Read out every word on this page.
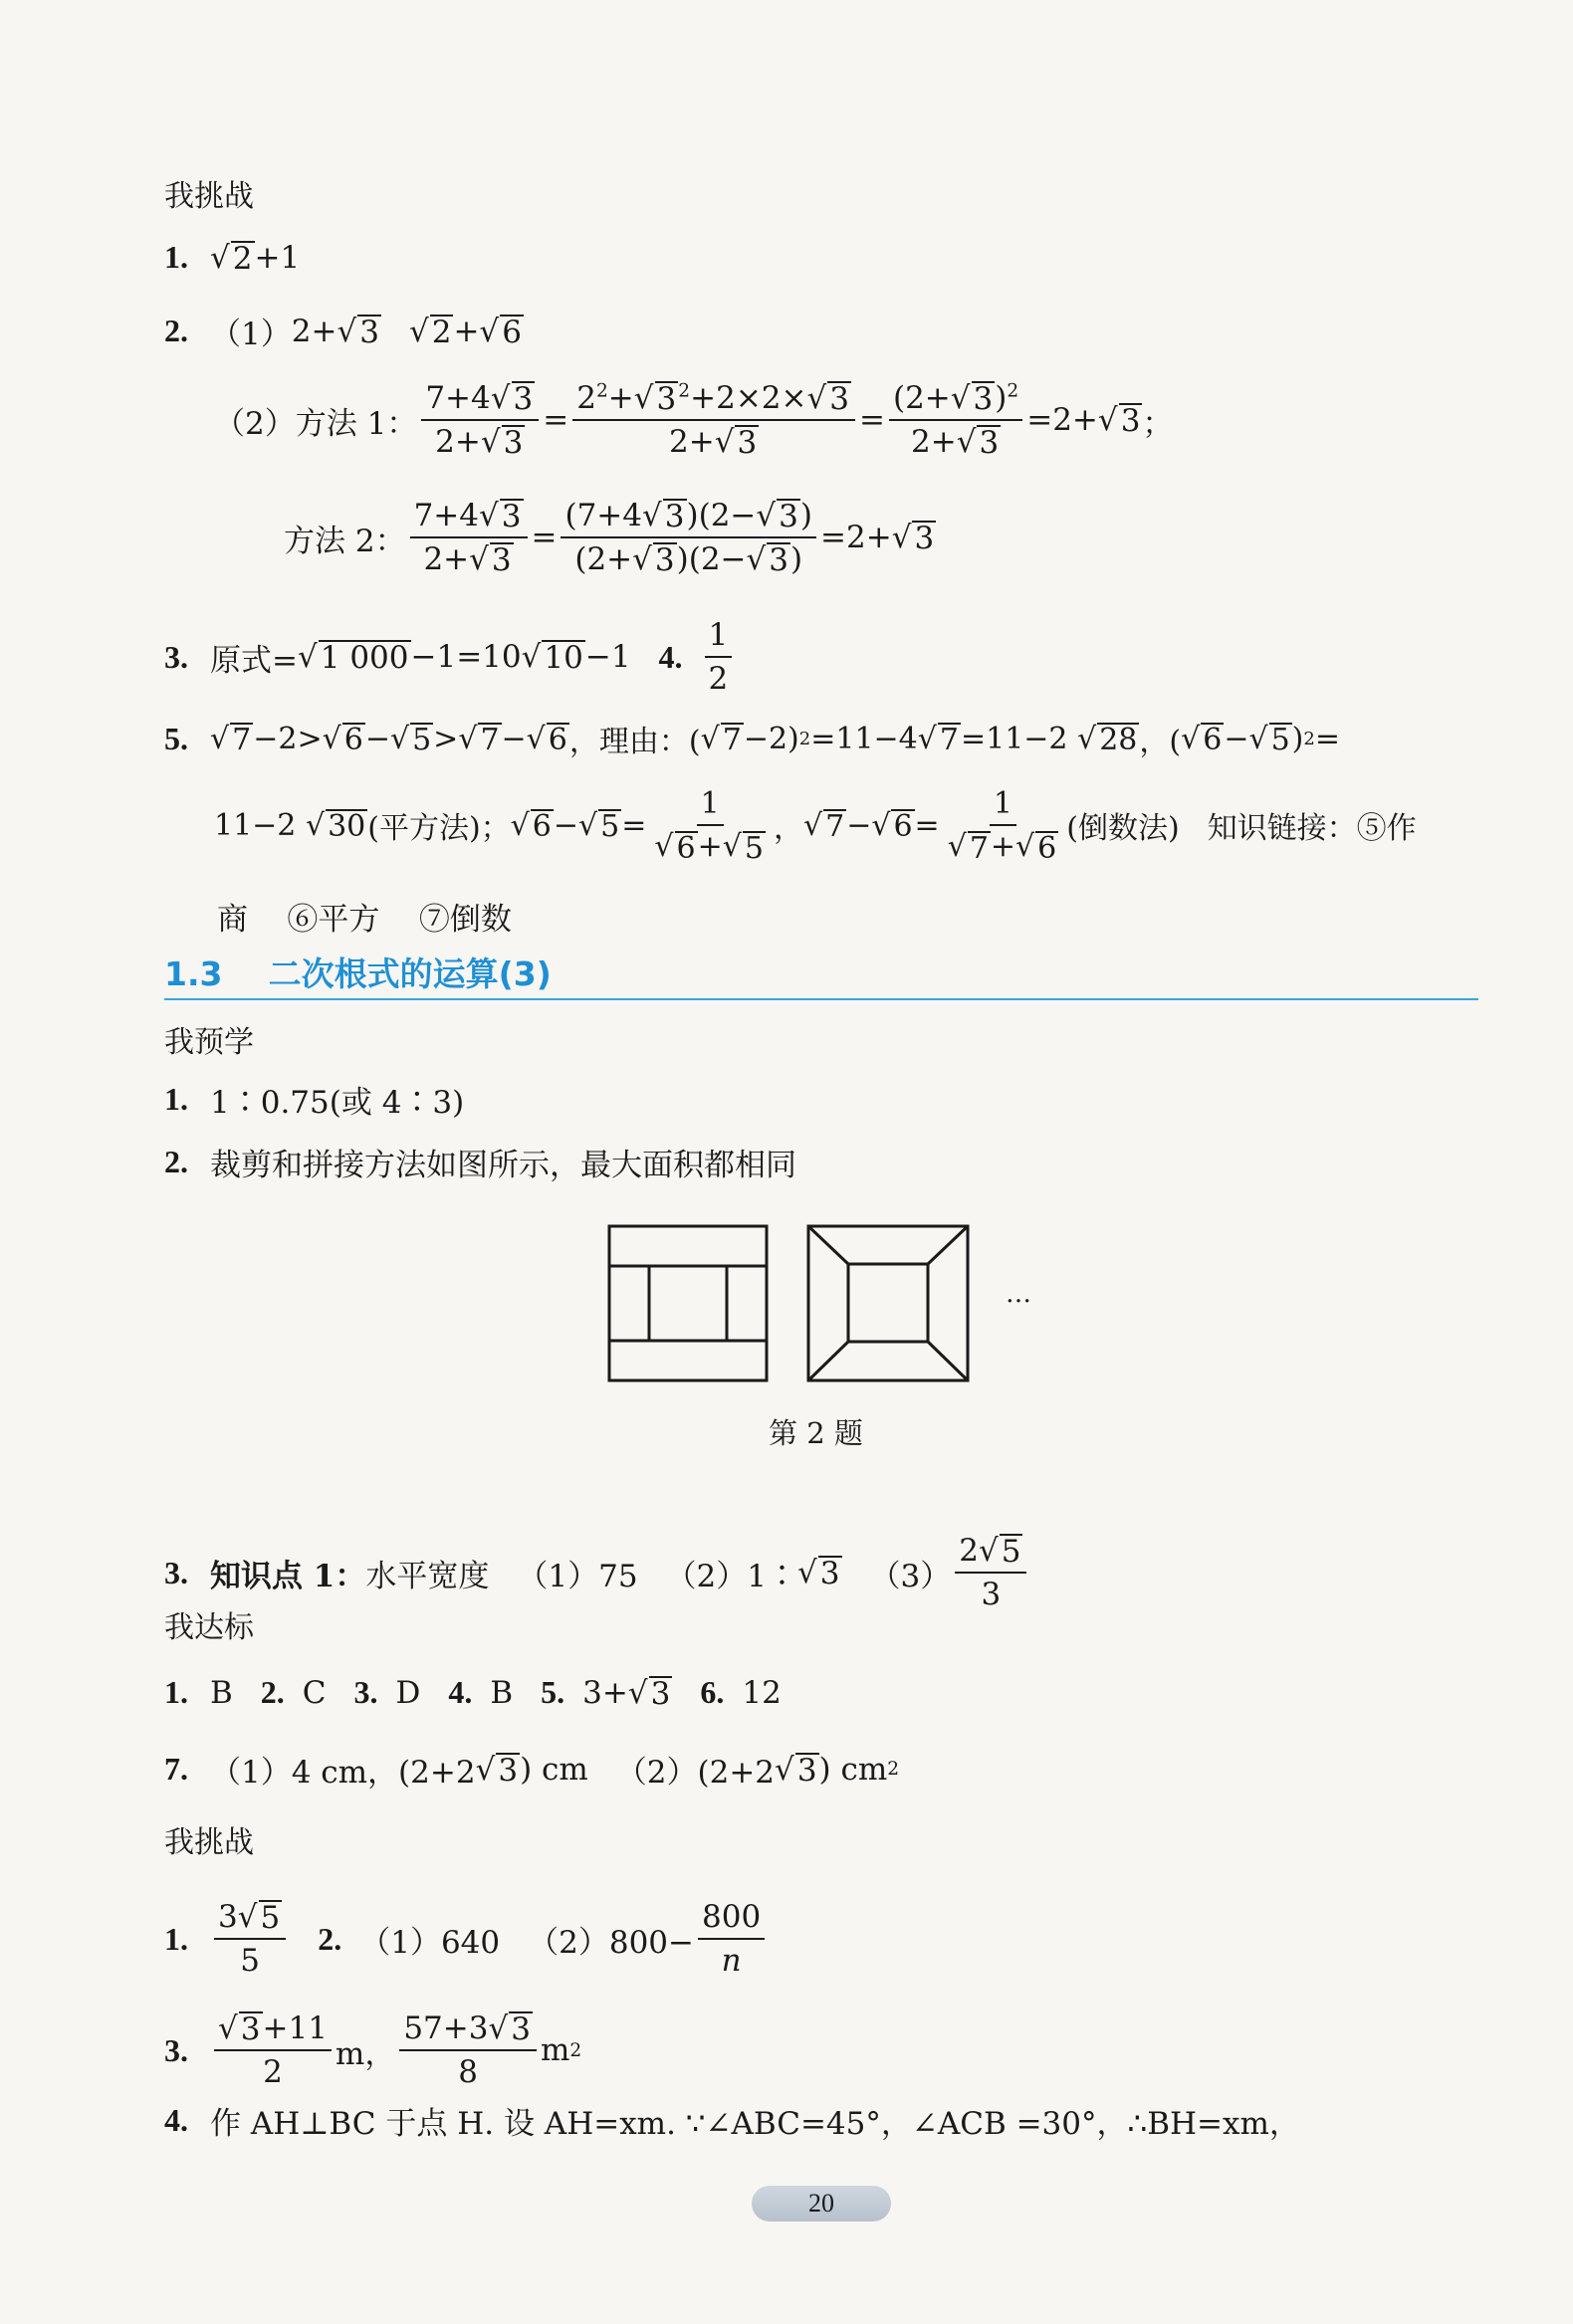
我挑战
1. √ 2 +1
2. （1） 2+ √ 3 √ 2 + √ 6
（2）方法 1： $\frac{7+4 √ 3}{2+ √ 3} = \frac{2^2+ √ 3 ^2+2\times 2\times √ 3}{2+ √ 3} = \frac{(2+ √ 3 )^2}{2+ √ 3} =2+$ √ 3 ；
方法 2： $\frac{7+4 √ 3}{2+ √ 3} = \frac{(7+4 √ 3 )(2- √ 3 )}{(2+ √ 3 )(2- √ 3 )} =2+$ √ 3
3. 原式= √ 1 000 −1=10 √ 10 −1 4. $\frac{1}{2}$
5. √ 7 −2> √ 6 − √ 5 > √ 7 − √ 6 ，理由：( √ 7 −2) 2 =11−4 √ 7 =11−2 √ 28 ，( √ 6 − √ 5 ) 2 =
11−2 √ 30 (平方法)； √ 6 − √ $5 = \frac{1}{√ 6 + √ 5}$ ， √ 7 − √ $6 = \frac{1}{√ 7 + √ 6}$ (倒数法) 知识链接：⑤作
商    ⑥平方    ⑦倒数
1.3 二次根式的运算(3)
我预学
1. 1∶0.75(或 4∶3)
2. 裁剪和拼接方法如图所示，最大面积都相同
…
第 2 题
3. 知识点 1： 水平宽度 （1）75 （2）1∶ √ 3 $(3) \frac{2 √ 5}{3}$
我达标
1. B 2. C 3. D 4. B 5. 3+ √ 3 6. 12
7. （1）4 cm，(2+2 √ 3 ) cm （2）(2+2 √ 3 ) cm 2
我挑战
1. $\frac{3 √ 5}{5} 2$. （1）640 $(2)800- \frac{800}{n}$
3. $\frac{√ 3 +11}{2}$ m， $\frac{57+3 √ 3}{8}$ m 2
4. 作 AH⊥BC 于点 H. 设 AH=xm. ∵∠ABC=45°，∠ACB =30°，∴BH=xm，
20
